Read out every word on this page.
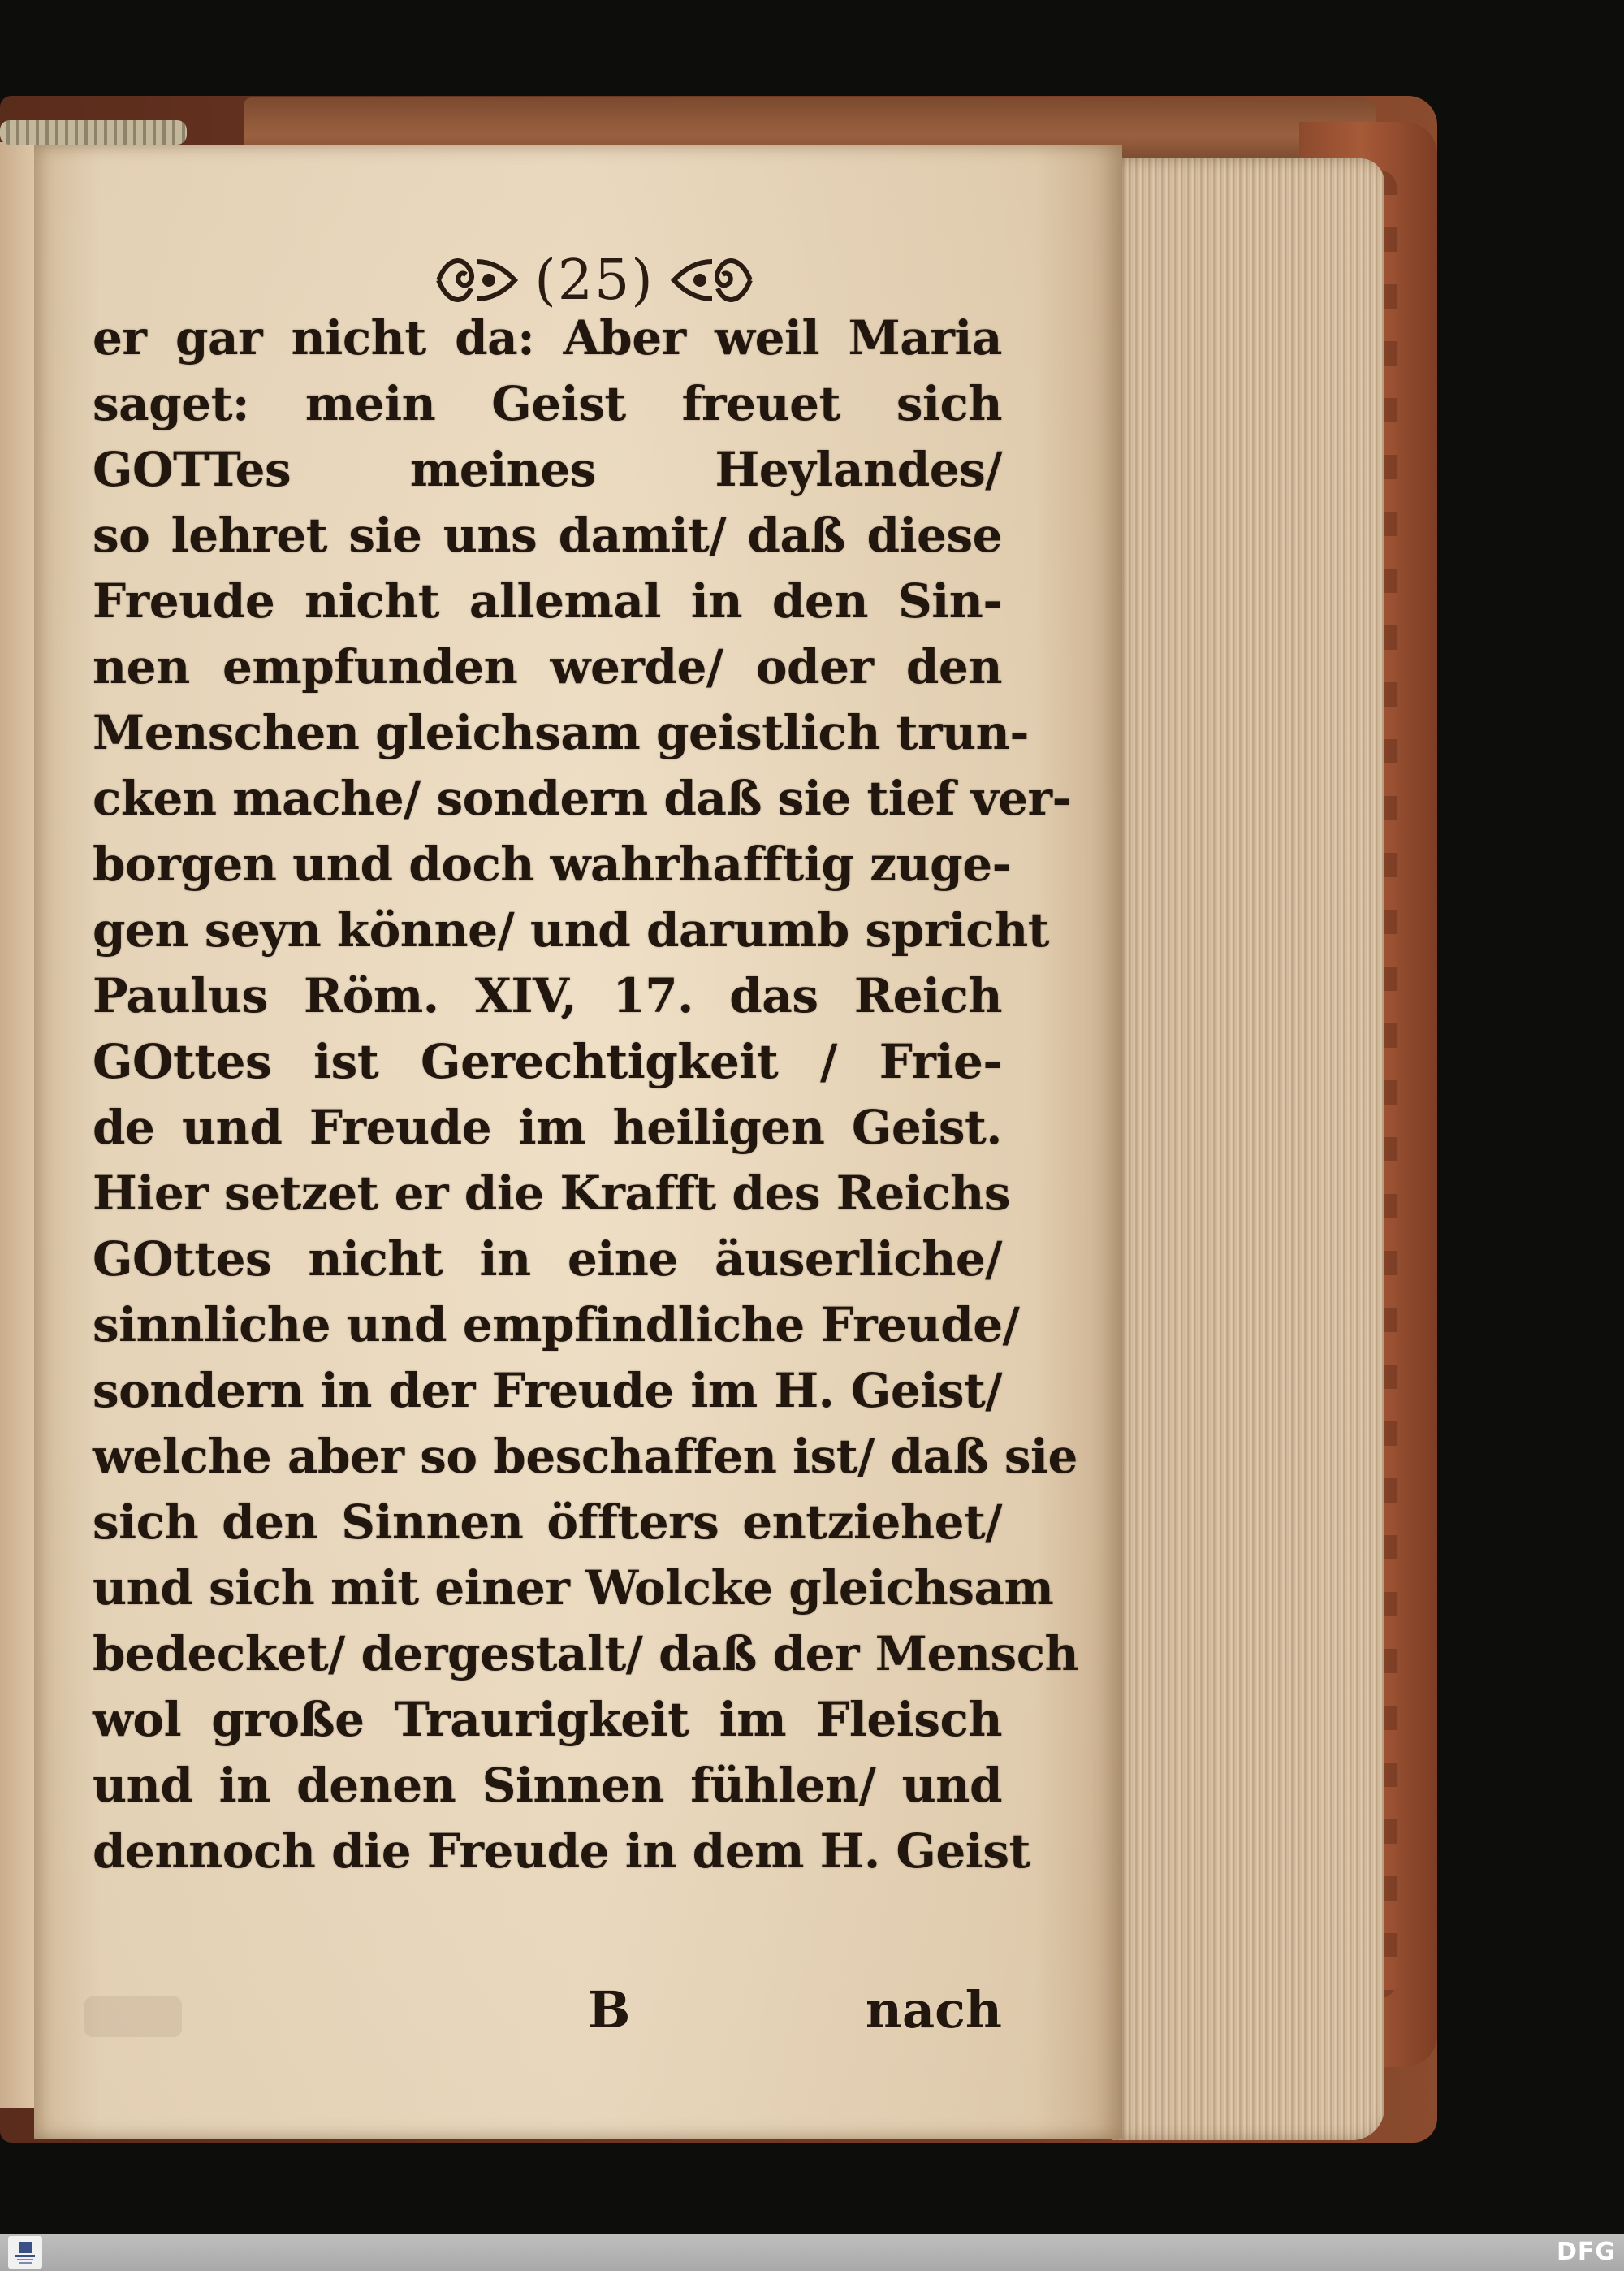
(25)
er gar nicht da: Aber weil Maria
saget: mein Geist freuet sich
GOTTes meines Heylandes/
so lehret sie uns damit/ daß diese
Freude nicht allemal in den Sin-
nen empfunden werde/ oder den
Menschen gleichsam geistlich trun-
cken mache/ sondern daß sie tief ver-
borgen und doch wahrhafftig zuge-
gen seyn könne/ und darumb spricht
Paulus Röm. XIV, 17. das Reich
GOttes ist Gerechtigkeit / Frie-
de und Freude im heiligen Geist.
Hier setzet er die Krafft des Reichs
GOttes nicht in eine äuserliche/
sinnliche und empfindliche Freude/
sondern in der Freude im H. Geist/
welche aber so beschaffen ist/ daß sie
sich den Sinnen öffters entziehet/
und sich mit einer Wolcke gleichsam
bedecket/ dergestalt/ daß der Mensch
wol große Traurigkeit im Fleisch
und in denen Sinnen fühlen/ und
dennoch die Freude in dem H. Geist
B	nach
DFG
